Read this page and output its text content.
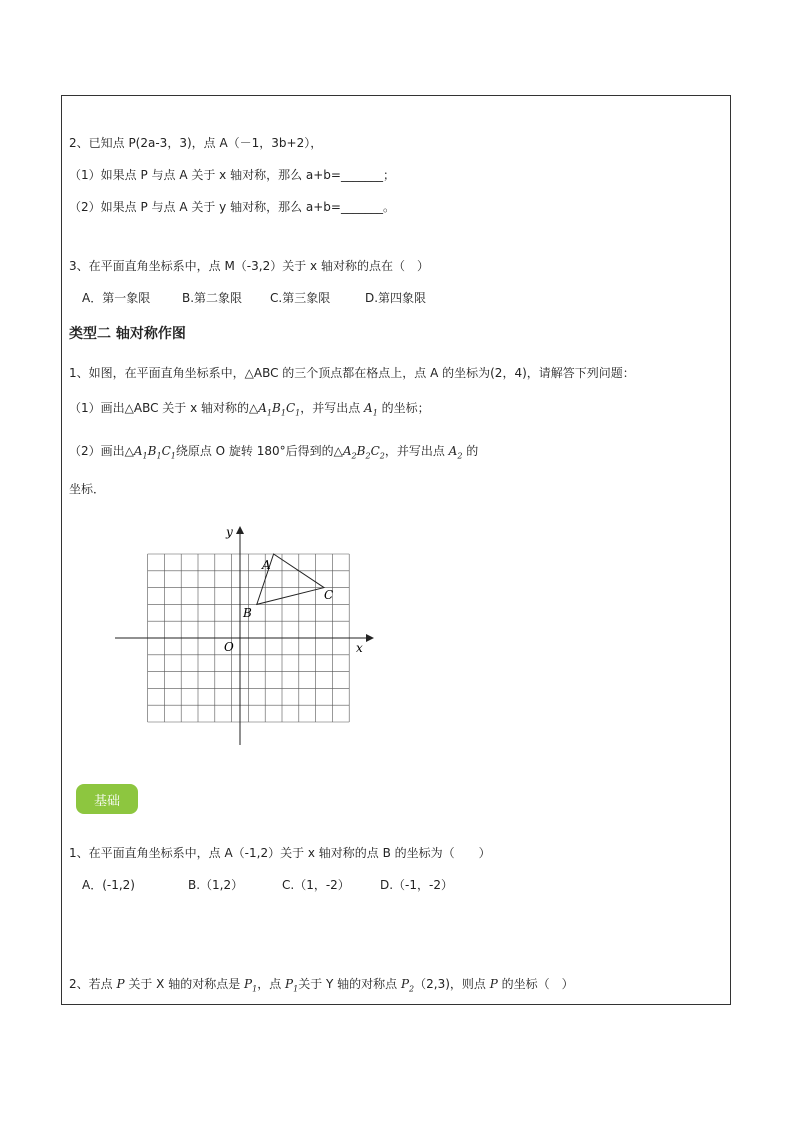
2、已知点 P(2a-3，3)，点 A（－1，3b+2），
（1）如果点 P 与点 A 关于 x 轴对称，那么 a+b=_______；
（2）如果点 P 与点 A 关于 y 轴对称，那么 a+b=_______。
3、在平面直角坐标系中，点 M（-3,2）关于 x 轴对称的点在（　）
A．第一象限	B.第二象限 C.第三象限	D.第四象限
类型二 轴对称作图
1、如图，在平面直角坐标系中，△ABC 的三个顶点都在格点上，点 A 的坐标为(2，4)，请解答下列问题：
（1）画出△ABC 关于 x 轴对称的$\triangle A_1B_1C_1$，并写出点 $A_1$ 的坐标；
（2）画出$\triangle A_1B_1C_1$绕原点 O 旋转 180°后得到的$\triangle A_2B_2C_2$，并写出点 $A_2$ 的
坐标．
A
B
C
O	x
y
基础
1、在平面直角坐标系中，点 A（-1,2）关于 x 轴对称的点 B 的坐标为（　　）
A．(-1,2)	B.（1,2）	C.（1，-2）	D.（-1，-2）
2、若点 P 关于 X 轴的对称点是 $P_1$，点 $P_1$关于 Y 轴的对称点 $P_2(2,3)$，则点 P 的坐标（　）
